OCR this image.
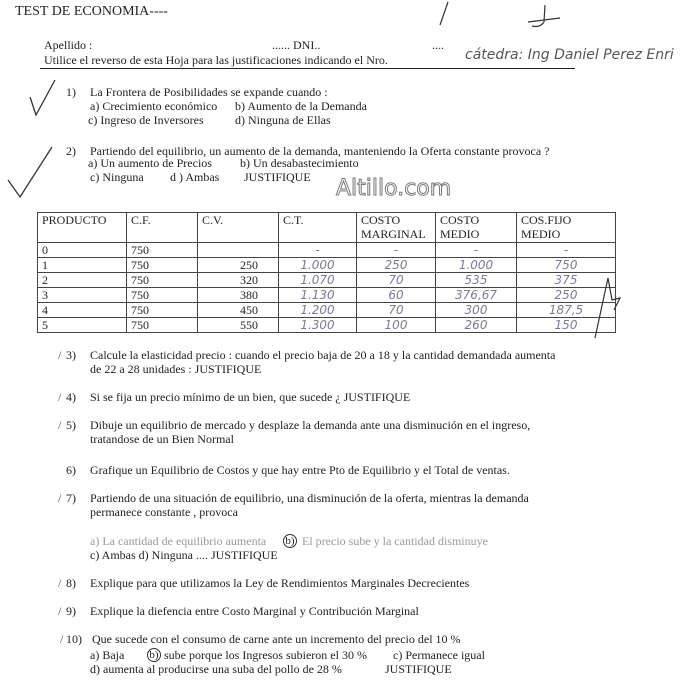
TEST DE ECONOMIA----
Apellido :	...... DNI..	....
Utilice el reverso de esta Hoja para las justificaciones indicando el Nro.	cátedra: Ing Daniel Perez Enri
1) La Frontera de Posibilidades se expande cuando :
a) Crecimiento económico b) Aumento de la Demanda
c) Ingreso de Inversores	d) Ninguna de Ellas
2) Partiendo del equilibrio, un aumento de la demanda, manteniendo la Oferta constante provoca ?
a) Un aumento de Precios b) Un desabastecimiento
c) Ninguna d ) Ambas JUSTIFIQUE Altillo.com
PRODUCTO	C.F.	C.V.	C.T.	COSTO MARGINAL	COSTO MEDIO	COS.FIJO MEDIO
0	750		-	-	-	-
1	750	250	1.000	250	1.000	750
2	750	320	1.070	70	535	375
3	750	380	1.130	60	376,67	250
4	750	450	1.200	70	300	187,5
5	750	550	1.300	100	260	150
/ 3) Calcule la elasticidad precio : cuando el precio baja de 20 a 18 y la cantidad demandada aumenta
de 22 a 28 unidades : JUSTIFIQUE
/ 4) Si se fija un precio mínimo de un bien, que sucede ¿ JUSTIFIQUE
/ 5) Dibuje un equilibrio de mercado y desplaze la demanda ante una disminución en el ingreso,
tratandose de un Bien Normal
6) Grafique un Equilibrio de Costos y que hay entre Pto de Equilibrio y el Total de ventas.
/ 7) Partiendo de una situación de equilibrio, una disminución de la oferta, mientras la demanda
permanece constante , provoca
/ 8) Explique para que utilizamos la Ley de Rendimientos Marginales Decrecientes
/ 9) Explique la diefencia entre Costo Marginal y Contribución Marginal
/ 10) Que sucede con el consumo de carne ante un incremento del precio del 10 %
a) La cantidad de equilibrio aumenta b) El precio sube y la cantidad disminuye
c) Ambas d) Ninguna .... JUSTIFIQUE
a) Baja b) sube porque los Ingresos subieron el 30 % c) Permanece igual
d) aumenta al producirse una suba del pollo de 28 %	JUSTIFIQUE
